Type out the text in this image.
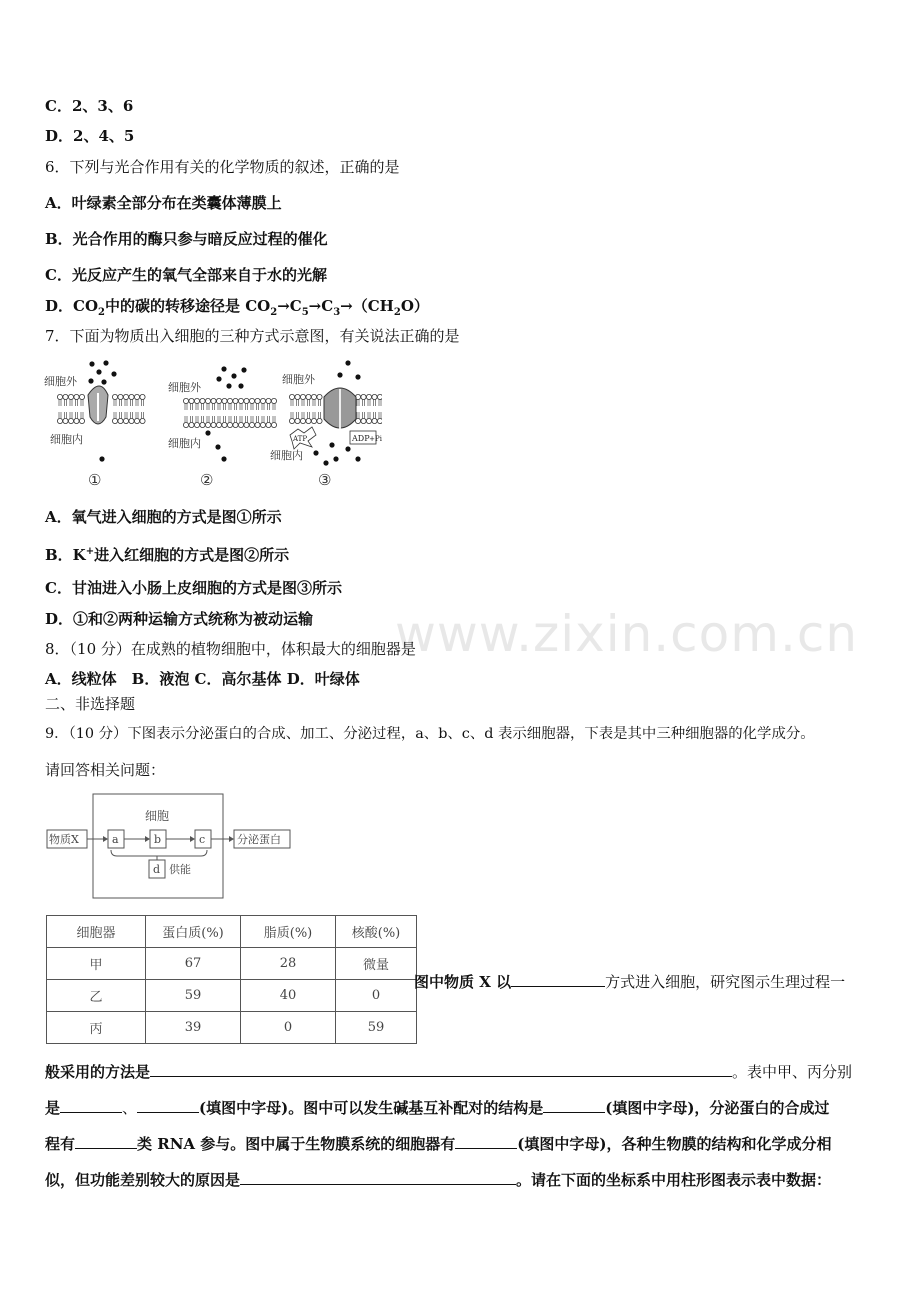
www.zixin.com.cn
C．2、3、6
D．2、4、5
6．下列与光合作用有关的化学物质的叙述，正确的是
A．叶绿素全部分布在类囊体薄膜上
B．光合作用的酶只参与暗反应过程的催化
C．光反应产生的氧气全部来自于水的光解
D．$CO_2$中的碳的转移途径是 $CO_2\to C_5\to C_3\to(CH_2O)$
7．下面为物质出入细胞的三种方式示意图，有关说法正确的是
细胞外
细胞内
①
细胞外
细胞内
②
细胞外
ATP	ADP +Pi
细胞内
③
A．氧气进入细胞的方式是图①所示
B．K+进入红细胞的方式是图②所示
C．甘油进入小肠上皮细胞的方式是图③所示
D．①和②两种运输方式统称为被动运输
8．（10 分）在成熟的植物细胞中，体积最大的细胞器是
A．线粒体　B．液泡 C．高尔基体 D．叶绿体
二、非选择题
9．（10 分）下图表示分泌蛋白的合成、加工、分泌过程，a、b、c、d 表示细胞器，下表是其中三种细胞器的化学成分。
请回答相关问题：
细胞
物质X	a	b	c	分泌蛋白
d 供能
细胞器	蛋白质(%)	脂质(%)	核酸(%)
甲	67	28	微量
乙	59	40	0
丙	39	0	59
图中物质 X 以	方式进入细胞，研究图示生理过程一
般采用的方法是	。表中甲、丙分别
是	、	(填图中字母)。图中可以发生碱基互补配对的结构是	(填图中字母)，分泌蛋白的合成过
程有	类 RNA 参与。图中属于生物膜系统的细胞器有	(填图中字母)，各种生物膜的结构和化学成分相
似，但功能差别较大的原因是	。请在下面的坐标系中用柱形图表示表中数据：
